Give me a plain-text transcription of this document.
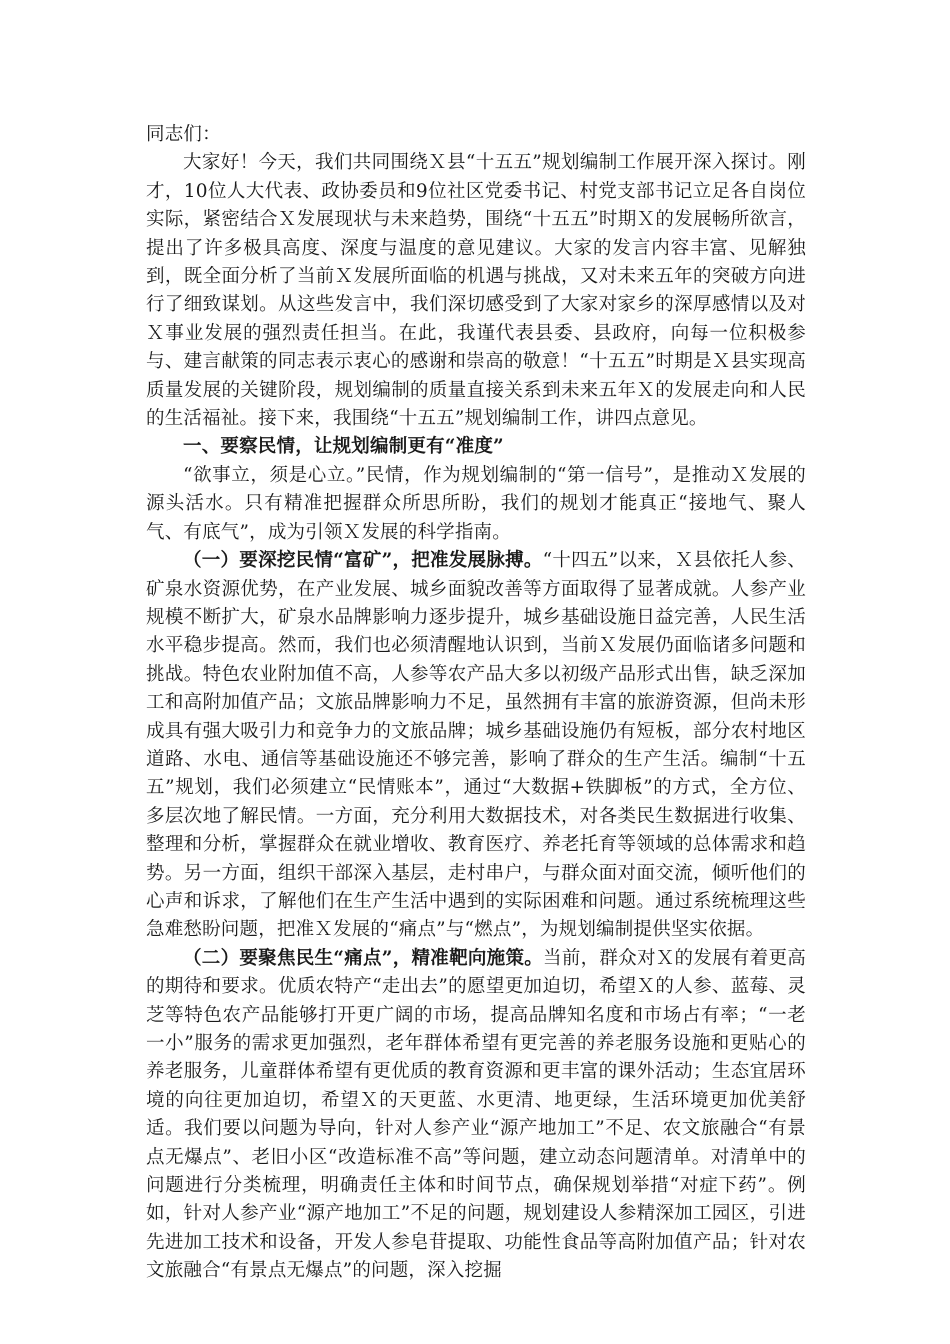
同志们：

大家好！今天，我们共同围绕Ｘ县“十五五”规划编制工作展开深入探讨。刚才，10位人大代表、政协委员和9位社区党委书记、村党支部书记立足各自岗位实际，紧密结合Ｘ发展现状与未来趋势，围绕“十五五”时期Ｘ的发展畅所欲言，提出了许多极具高度、深度与温度的意见建议。大家的发言内容丰富、见解独到，既全面分析了当前Ｘ发展所面临的机遇与挑战，又对未来五年的突破方向进行了细致谋划。从这些发言中，我们深切感受到了大家对家乡的深厚感情以及对Ｘ事业发展的强烈责任担当。在此，我谨代表县委、县政府，向每一位积极参与、建言献策的同志表示衷心的感谢和崇高的敬意！“十五五”时期是Ｘ县实现高质量发展的关键阶段，规划编制的质量直接关系到未来五年Ｘ的发展走向和人民的生活福祉。接下来，我围绕“十五五”规划编制工作，讲四点意见。

一、要察民情，让规划编制更有“准度”

“欲事立，须是心立。”民情，作为规划编制的“第一信号”，是推动Ｘ发展的源头活水。只有精准把握群众所思所盼，我们的规划才能真正“接地气、聚人气、有底气”，成为引领Ｘ发展的科学指南。

（一）要深挖民情“富矿”，把准发展脉搏。“十四五”以来，Ｘ县依托人参、矿泉水资源优势，在产业发展、城乡面貌改善等方面取得了显著成就。人参产业规模不断扩大，矿泉水品牌影响力逐步提升，城乡基础设施日益完善，人民生活水平稳步提高。然而，我们也必须清醒地认识到，当前Ｘ发展仍面临诸多问题和挑战。特色农业附加值不高，人参等农产品大多以初级产品形式出售，缺乏深加工和高附加值产品；文旅品牌影响力不足，虽然拥有丰富的旅游资源，但尚未形成具有强大吸引力和竞争力的文旅品牌；城乡基础设施仍有短板，部分农村地区道路、水电、通信等基础设施还不够完善，影响了群众的生产生活。编制“十五五”规划，我们必须建立“民情账本”，通过“大数据+铁脚板”的方式，全方位、多层次地了解民情。一方面，充分利用大数据技术，对各类民生数据进行收集、整理和分析，掌握群众在就业增收、教育医疗、养老托育等领域的总体需求和趋势。另一方面，组织干部深入基层，走村串户，与群众面对面交流，倾听他们的心声和诉求，了解他们在生产生活中遇到的实际困难和问题。通过系统梳理这些急难愁盼问题，把准Ｘ发展的“痛点”与“燃点”，为规划编制提供坚实依据。

（二）要聚焦民生“痛点”，精准靶向施策。当前，群众对Ｘ的发展有着更高的期待和要求。优质农特产“走出去”的愿望更加迫切，希望Ｘ的人参、蓝莓、灵芝等特色农产品能够打开更广阔的市场，提高品牌知名度和市场占有率；“一老一小”服务的需求更加强烈，老年群体希望有更完善的养老服务设施和更贴心的养老服务，儿童群体希望有更优质的教育资源和更丰富的课外活动；生态宜居环境的向往更加迫切，希望Ｘ的天更蓝、水更清、地更绿，生活环境更加优美舒适。我们要以问题为导向，针对人参产业“源产地加工”不足、农文旅融合“有景点无爆点”、老旧小区“改造标准不高”等问题，建立动态问题清单。对清单中的问题进行分类梳理，明确责任主体和时间节点，确保规划举措“对症下药”。例如，针对人参产业“源产地加工”不足的问题，规划建设人参精深加工园区，引进先进加工技术和设备，开发人参皂苷提取、功能性食品等高附加值产品；针对农文旅融合“有景点无爆点”的问题，深入挖掘
